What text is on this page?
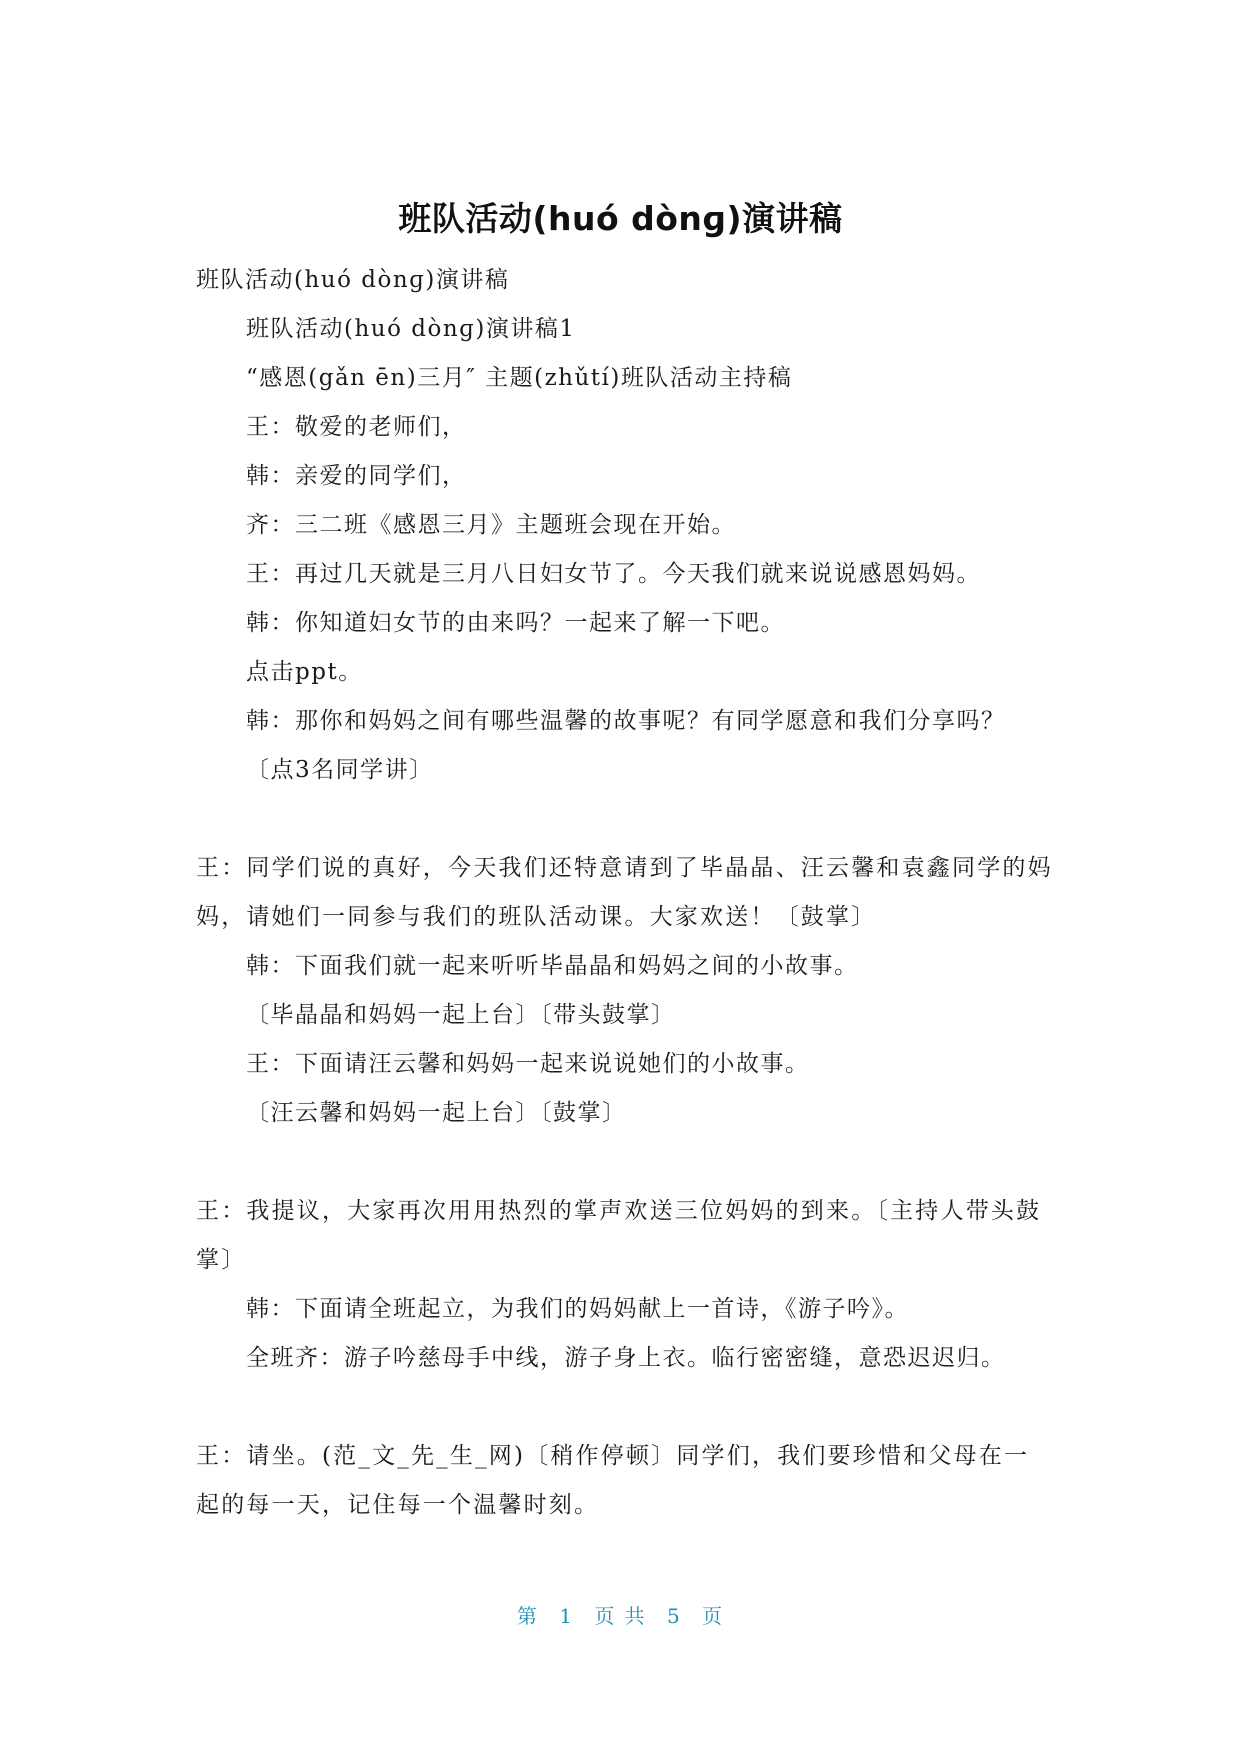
班队活动(huó dònɡ)演讲稿
班队活动(huó dònɡ)演讲稿
班队活动(huó dònɡ)演讲稿1
“感恩(gǎn ēn)三月″ 主题(zhǔtí)班队活动主持稿
王：敬爱的老师们，
韩：亲爱的同学们，
齐：三二班《感恩三月》主题班会现在开始。
王：再过几天就是三月八日妇女节了。今天我们就来说说感恩妈妈。
韩：你知道妇女节的由来吗？一起来了解一下吧。
点击ppt。
韩：那你和妈妈之间有哪些温馨的故事呢？有同学愿意和我们分享吗？
〔点3名同学讲〕
王：同学们说的真好，今天我们还特意请到了毕晶晶、汪云馨和袁鑫同学的妈妈，请她们一同参与我们的班队活动课。大家欢送！〔鼓掌〕
韩：下面我们就一起来听听毕晶晶和妈妈之间的小故事。
〔毕晶晶和妈妈一起上台〕〔带头鼓掌〕
王：下面请汪云馨和妈妈一起来说说她们的小故事。
〔汪云馨和妈妈一起上台〕〔鼓掌〕
王：我提议，大家再次用用热烈的掌声欢送三位妈妈的到来。〔主持人带头鼓掌〕
韩：下面请全班起立，为我们的妈妈献上一首诗，《游子吟》。
全班齐：游子吟慈母手中线，游子身上衣。临行密密缝，意恐迟迟归。
王：请坐。(范_文_先_生_网)〔稍作停顿〕同学们，我们要珍惜和父母在一起的每一天，记住每一个温馨时刻。
第 1 页 共 5 页
